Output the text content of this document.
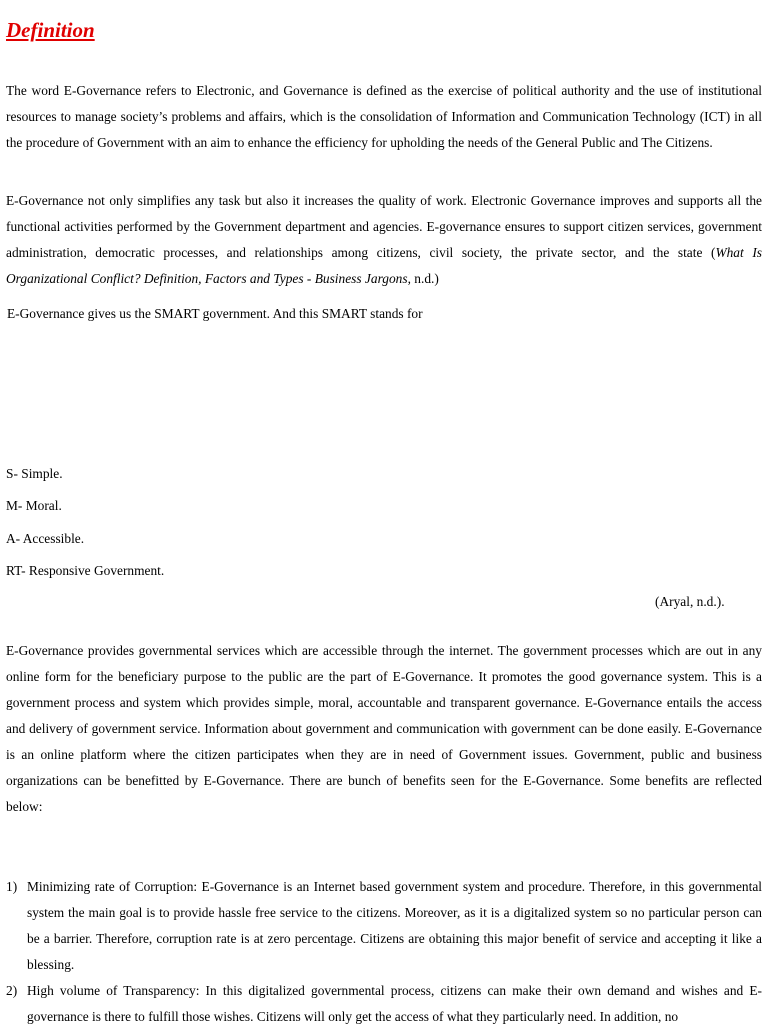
Definition

The word E-Governance refers to Electronic, and Governance is defined as the exercise of political authority and the use of institutional resources to manage society’s problems and affairs, which is the consolidation of Information and Communication Technology (ICT) in all the procedure of Government with an aim to enhance the efficiency for upholding the needs of the General Public and The Citizens.

E-Governance not only simplifies any task but also it increases the quality of work. Electronic Governance improves and supports all the functional activities performed by the Government department and agencies. E-governance ensures to support citizen services, government administration, democratic processes, and relationships among citizens, civil society, the private sector, and the state (What Is Organizational Conflict? Definition, Factors and Types - Business Jargons, n.d.)

E-Governance gives us the SMART government. And this SMART stands for

S- Simple.

M- Moral.

A- Accessible.

RT- Responsive Government.

(Aryal, n.d.).

E-Governance provides governmental services which are accessible through the internet. The government processes which are out in any online form for the beneficiary purpose to the public are the part of E-Governance. It promotes the good governance system. This is a government process and system which provides simple, moral, accountable and transparent governance. E-Governance entails the access and delivery of government service. Information about government and communication with government can be done easily. E-Governance is an online platform where the citizen participates when they are in need of Government issues. Government, public and business organizations can be benefitted by E-Governance. There are bunch of benefits seen for the E-Governance. Some benefits are reflected below:

1) Minimizing rate of Corruption: E-Governance is an Internet based government system and procedure. Therefore, in this governmental system the main goal is to provide hassle free service to the citizens. Moreover, as it is a digitalized system so no particular person can be a barrier. Therefore, corruption rate is at zero percentage. Citizens are obtaining this major benefit of service and accepting it like a blessing.
2) High volume of Transparency: In this digitalized governmental process, citizens can make their own demand and wishes and E-governance is there to fulfill those wishes. Citizens will only get the access of what they particularly need. In addition, no
